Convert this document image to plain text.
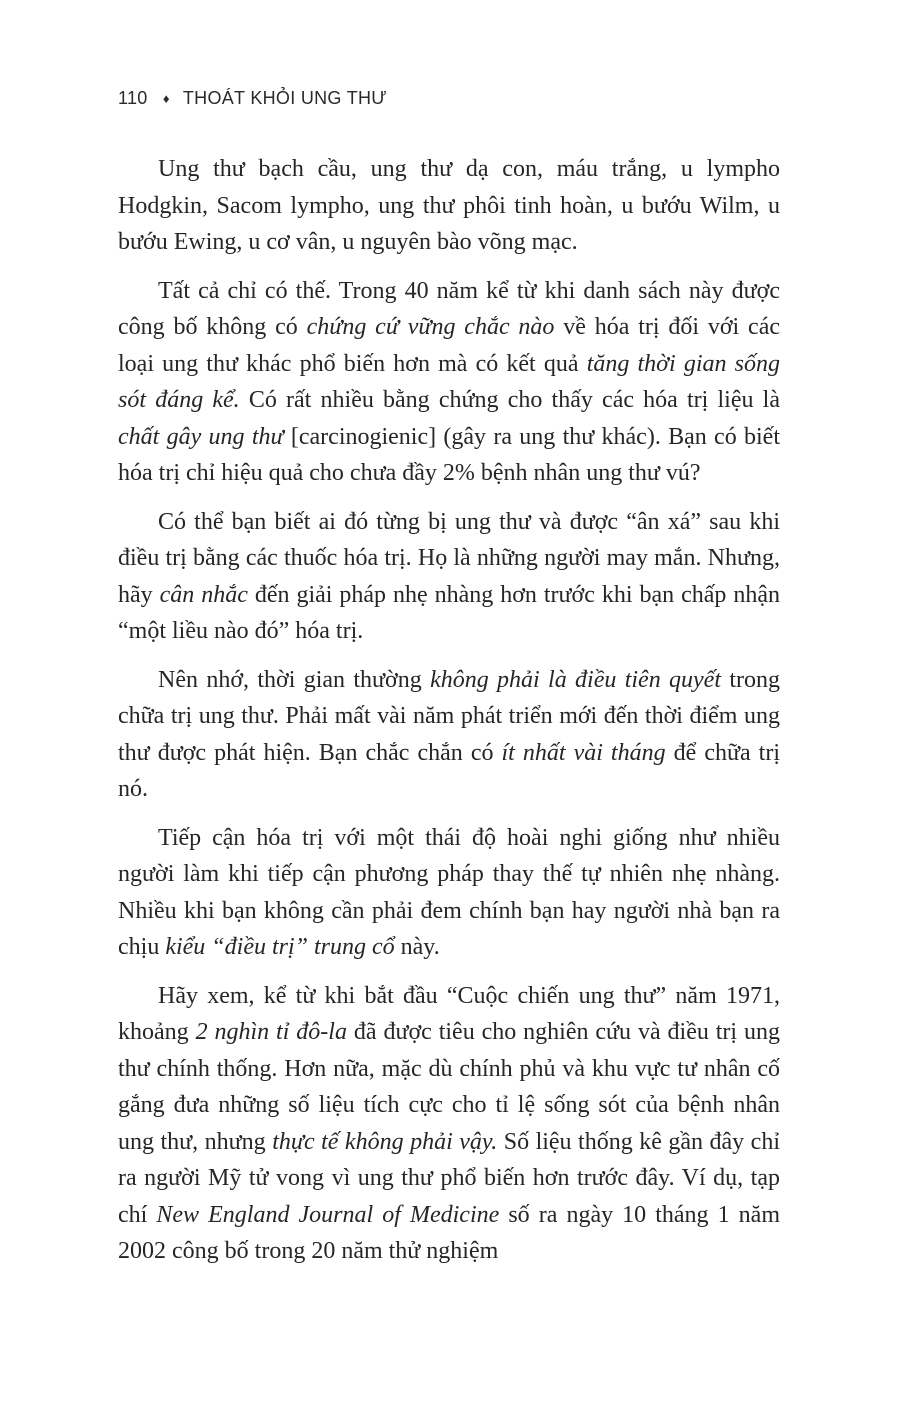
110 ♦ THOÁT KHỎI UNG THƯ

Ung thư bạch cầu, ung thư dạ con, máu trắng, u lympho Hodgkin, Sacom lympho, ung thư phôi tinh hoàn, u bướu Wilm, u bướu Ewing, u cơ vân, u nguyên bào võng mạc.

Tất cả chỉ có thế. Trong 40 năm kể từ khi danh sách này được công bố không có chứng cứ vững chắc nào về hóa trị đối với các loại ung thư khác phổ biến hơn mà có kết quả tăng thời gian sống sót đáng kể. Có rất nhiều bằng chứng cho thấy các hóa trị liệu là chất gây ung thư [carcinogienic] (gây ra ung thư khác). Bạn có biết hóa trị chỉ hiệu quả cho chưa đầy 2% bệnh nhân ung thư vú?

Có thể bạn biết ai đó từng bị ung thư và được “ân xá” sau khi điều trị bằng các thuốc hóa trị. Họ là những người may mắn. Nhưng, hãy cân nhắc đến giải pháp nhẹ nhàng hơn trước khi bạn chấp nhận “một liều nào đó” hóa trị.

Nên nhớ, thời gian thường không phải là điều tiên quyết trong chữa trị ung thư. Phải mất vài năm phát triển mới đến thời điểm ung thư được phát hiện. Bạn chắc chắn có ít nhất vài tháng để chữa trị nó.

Tiếp cận hóa trị với một thái độ hoài nghi giống như nhiều người làm khi tiếp cận phương pháp thay thế tự nhiên nhẹ nhàng. Nhiều khi bạn không cần phải đem chính bạn hay người nhà bạn ra chịu kiểu “điều trị” trung cổ này.

Hãy xem, kể từ khi bắt đầu “Cuộc chiến ung thư” năm 1971, khoảng 2 nghìn tỉ đô-la đã được tiêu cho nghiên cứu và điều trị ung thư chính thống. Hơn nữa, mặc dù chính phủ và khu vực tư nhân cố gắng đưa những số liệu tích cực cho tỉ lệ sống sót của bệnh nhân ung thư, nhưng thực tế không phải vậy. Số liệu thống kê gần đây chỉ ra người Mỹ tử vong vì ung thư phổ biến hơn trước đây. Ví dụ, tạp chí New England Journal of Medicine số ra ngày 10 tháng 1 năm 2002 công bố trong 20 năm thử nghiệm
